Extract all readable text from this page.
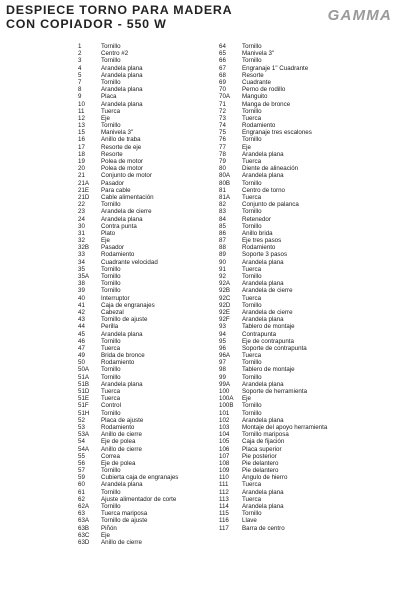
DESPIECE TORNO PARA MADERA
CON COPIADOR - 550 W	GAMMA
1	Tornillo
2	Centro #2
3	Tornillo
4	Arandela plana
5	Arandela plana
7	Tornillo
8	Arandela plana
9	Placa
10	Arandela plana
11	Tuerca
12	Eje
13	Tornillo
15	Manivela 3"
16	Anillo de traba
17	Resorte de eje
18	Resorte
19	Polea de motor
20	Polea de motor
21	Conjunto de motor
21A	Pasador
21E	Para cable
21D	Cable alimentación
22	Tornillo
23	Arandela de cierre
24	Arandela plana
30	Contra punta
31	Plato
32	Eje
32B	Pasador
33	Rodamiento
34	Cuadrante velocidad
35	Tornillo
35A	Tornillo
38	Tornillo
39	Tornillo
40	Interruptor
41	Caja de engranajes
42	Cabezal
43	Tornillo de ajuste
44	Perilla
45	Arandela plana
46	Tornillo
47	Tuerca
49	Brida de bronce
50	Rodamiento
50A	Tornillo
51A	Tornillo
51B	Arandela plana
51D	Tuerca
51E	Tuerca
51F	Control
51H	Tornillo
52	Placa de ajuste
53	Rodamiento
53A	Anillo de cierre
54	Eje de polea
54A	Anillo de cierre
55	Correa
56	Eje de polea
57	Tornillo
59	Cubierta caja de engranajes
60	Arandela plana
61	Tornillo
62	Ajuste alimentador de corte
62A	Tornillo
63	Tuerca mariposa
63A	Tornillo de ajuste
63B	Piñón
63C	Eje
63D	Anillo de cierre
64	Tornillo
65	Manivela 3"
66	Tornillo
67	Engranaje 1" Cuadrante
68	Resorte
69	Cuadrante
70	Perno de rodillo
70A	Manguito
71	Manga de bronce
72	Tornillo
73	Tuerca
74	Rodamiento
75	Engranaje tres escalones
76	Tornillo
77	Eje
78	Arandela plana
79	Tuerca
80	Diente de alineación
80A	Arandela plana
80B	Tornillo
81	Centro de torno
81A	Tuerca
82	Conjunto de palanca
83	Tornillo
84	Retenedor
85	Tornillo
86	Anillo brida
87	Eje tres pasos
88	Rodamiento
89	Soporte 3 pasos
90	Arandela plana
91	Tuerca
92	Tornillo
92A	Arandela plana
92B	Arandela de cierre
92C	Tuerca
92D	Tornillo
92E	Arandela de cierre
92F	Arandela plana
93	Tablero de montaje
94	Contrapunta
95	Eje de contrapunta
96	Soporte de contrapunta
96A	Tuerca
97	Tornillo
98	Tablero de montaje
99	Tornillo
99A	Arandela plana
100	Soporte de herramienta
100A	Eje
100B	Tornillo
101	Tornillo
102	Arandela plana
103	Montaje del apoyo herramienta
104	Tornillo mariposa
105	Caja de fijación
106	Placa superior
107	Pie posterior
108	Pie delantero
109	Pie delantero
110	Ángulo de hierro
111	Tuerca
112	Arandela plana
113	Tuerca
114	Arandela plana
115	Tornillo
116	Llave
117	Barra de centro
